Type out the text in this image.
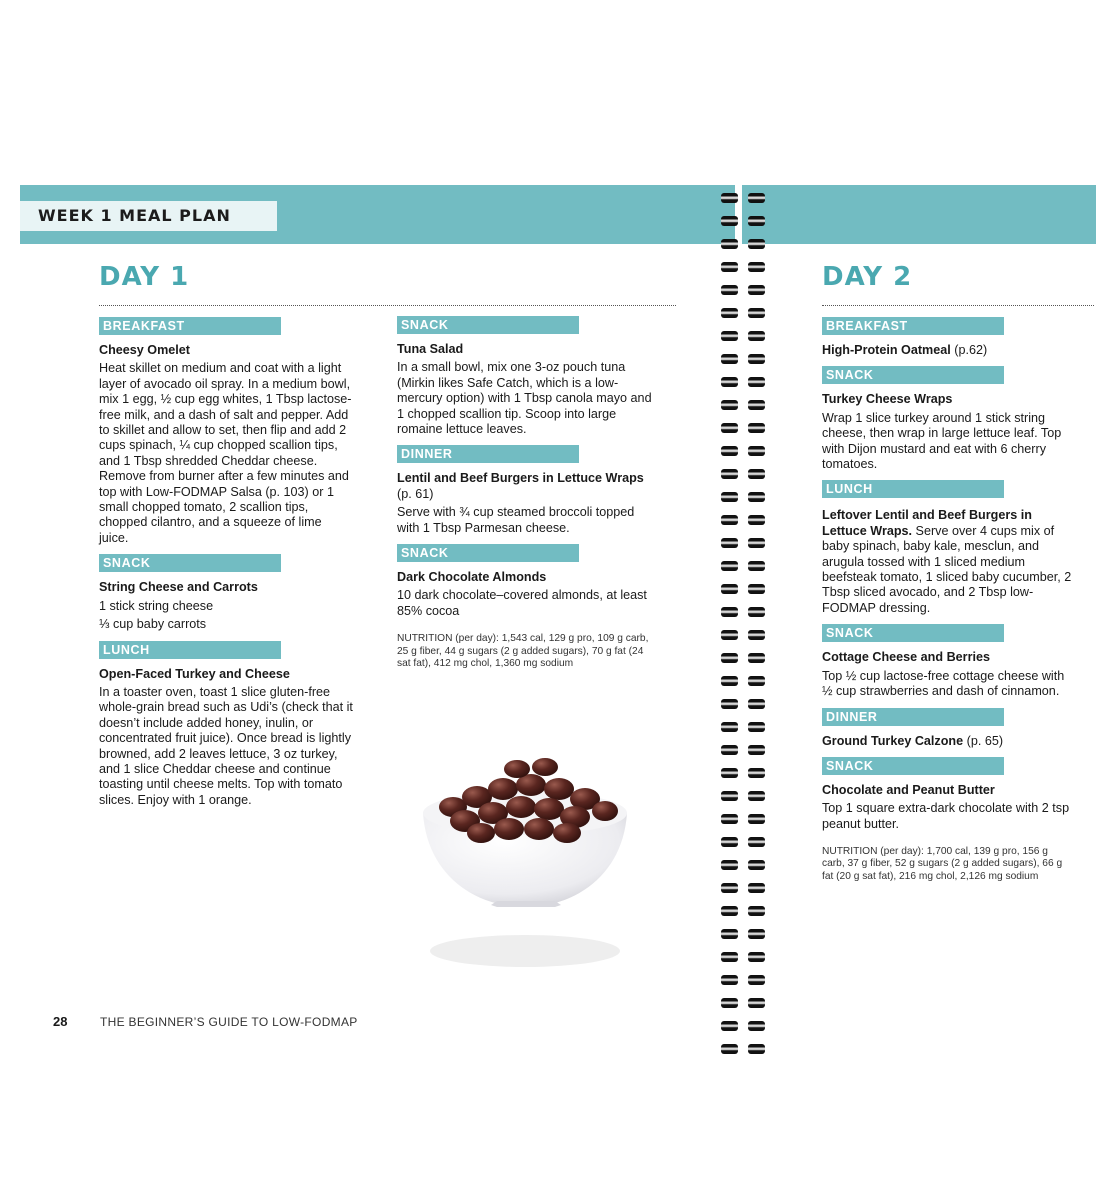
WEEK 1 MEAL PLAN
DAY 1	DAY 2
BREAKFAST
Cheesy Omelet
Heat skillet on medium and coat with a light layer of avocado oil spray. In a medium bowl, mix 1 egg, ½ cup egg whites, 1 Tbsp lactose-free milk, and a dash of salt and pepper. Add to skillet and allow to set, then flip and add 2 cups spinach, ¼ cup chopped scallion tips, and 1 Tbsp shredded Cheddar cheese. Remove from burner after a few minutes and top with Low-FODMAP Salsa (p. 103) or 1 small chopped tomato, 2 scallion tips, chopped cilantro, and a squeeze of lime juice.
SNACK
String Cheese and Carrots
1 stick string cheese
⅓ cup baby carrots
LUNCH
Open-Faced Turkey and Cheese
In a toaster oven, toast 1 slice gluten-free whole-grain bread such as Udi’s (check that it doesn’t include added honey, inulin, or concentrated fruit juice). Once bread is lightly browned, add 2 leaves lettuce, 3 oz turkey, and 1 slice Cheddar cheese and continue toasting until cheese melts. Top with tomato slices. Enjoy with 1 orange.
SNACK
Tuna Salad
In a small bowl, mix one 3-oz pouch tuna (Mirkin likes Safe Catch, which is a low-mercury option) with 1 Tbsp canola mayo and 1 chopped scallion tip. Scoop into large romaine lettuce leaves.
DINNER
Lentil and Beef Burgers in Lettuce Wraps
(p. 61)
Serve with ¾ cup steamed broccoli topped with 1 Tbsp Parmesan cheese.
SNACK
Dark Chocolate Almonds
10 dark chocolate–covered almonds, at least 85% cocoa
NUTRITION (per day): 1,543 cal, 129 g pro, 109 g carb, 25 g fiber, 44 g sugars (2 g added sugars), 70 g fat (24 sat fat), 412 mg chol, 1,360 mg sodium
BREAKFAST
High-Protein Oatmeal (p.62)
SNACK
Turkey Cheese Wraps
Wrap 1 slice turkey around 1 stick string cheese, then wrap in large lettuce leaf. Top with Dijon mustard and eat with 6 cherry tomatoes.
LUNCH
Leftover Lentil and Beef Burgers in Lettuce Wraps. Serve over 4 cups mix of baby spinach, baby kale, mesclun, and arugula tossed with 1 sliced medium beefsteak tomato, 1 sliced baby cucumber, 2 Tbsp sliced avocado, and 2 Tbsp low-FODMAP dressing.
SNACK
Cottage Cheese and Berries
Top ½ cup lactose-free cottage cheese with ½ cup strawberries and dash of cinnamon.
DINNER
Ground Turkey Calzone (p. 65)
SNACK
Chocolate and Peanut Butter
Top 1 square extra-dark chocolate with 2 tsp peanut butter.
NUTRITION (per day): 1,700 cal, 139 g pro, 156 g carb, 37 g fiber, 52 g sugars (2 g added sugars), 66 g fat (20 g sat fat), 216 mg chol, 2,126 mg sodium
28	THE BEGINNER’S GUIDE TO LOW-FODMAP
